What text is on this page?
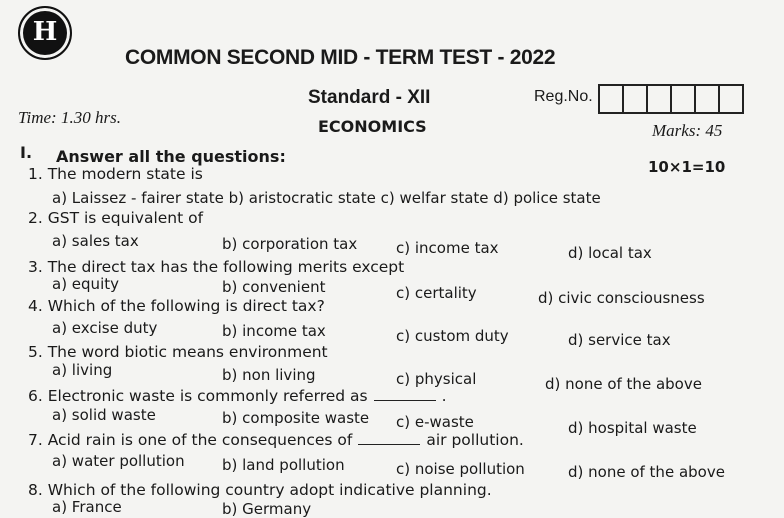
H
COMMON SECOND MID - TERM TEST - 2022
Standard - XII
ECONOMICS
Time: 1.30 hrs.
Marks: 45
Reg.No.
I. Answer all the questions:
10×1=10
1. The modern state is
a) Laissez - fairer state b) aristocratic state c) welfar state d) police state
2. GST is equivalent of
a) sales tax	b) corporation tax	c) income tax	d) local tax
3. The direct tax has the following merits except
a) equity	b) convenient	c) certality	d) civic consciousness
4. Which of the following is direct tax?
a) excise duty	b) income tax	c) custom duty	d) service tax
5. The word biotic means environment
a) living	b) non living	c) physical	d) none of the above
6. Electronic waste is commonly referred as	.
a) solid waste	b) composite waste c) e-waste	d) hospital waste
7. Acid rain is one of the consequences of	air pollution.
a) water pollution b) land pollution	c) noise pollution	d) none of the above
8. Which of the following country adopt indicative planning.
a) France	b) Germany
